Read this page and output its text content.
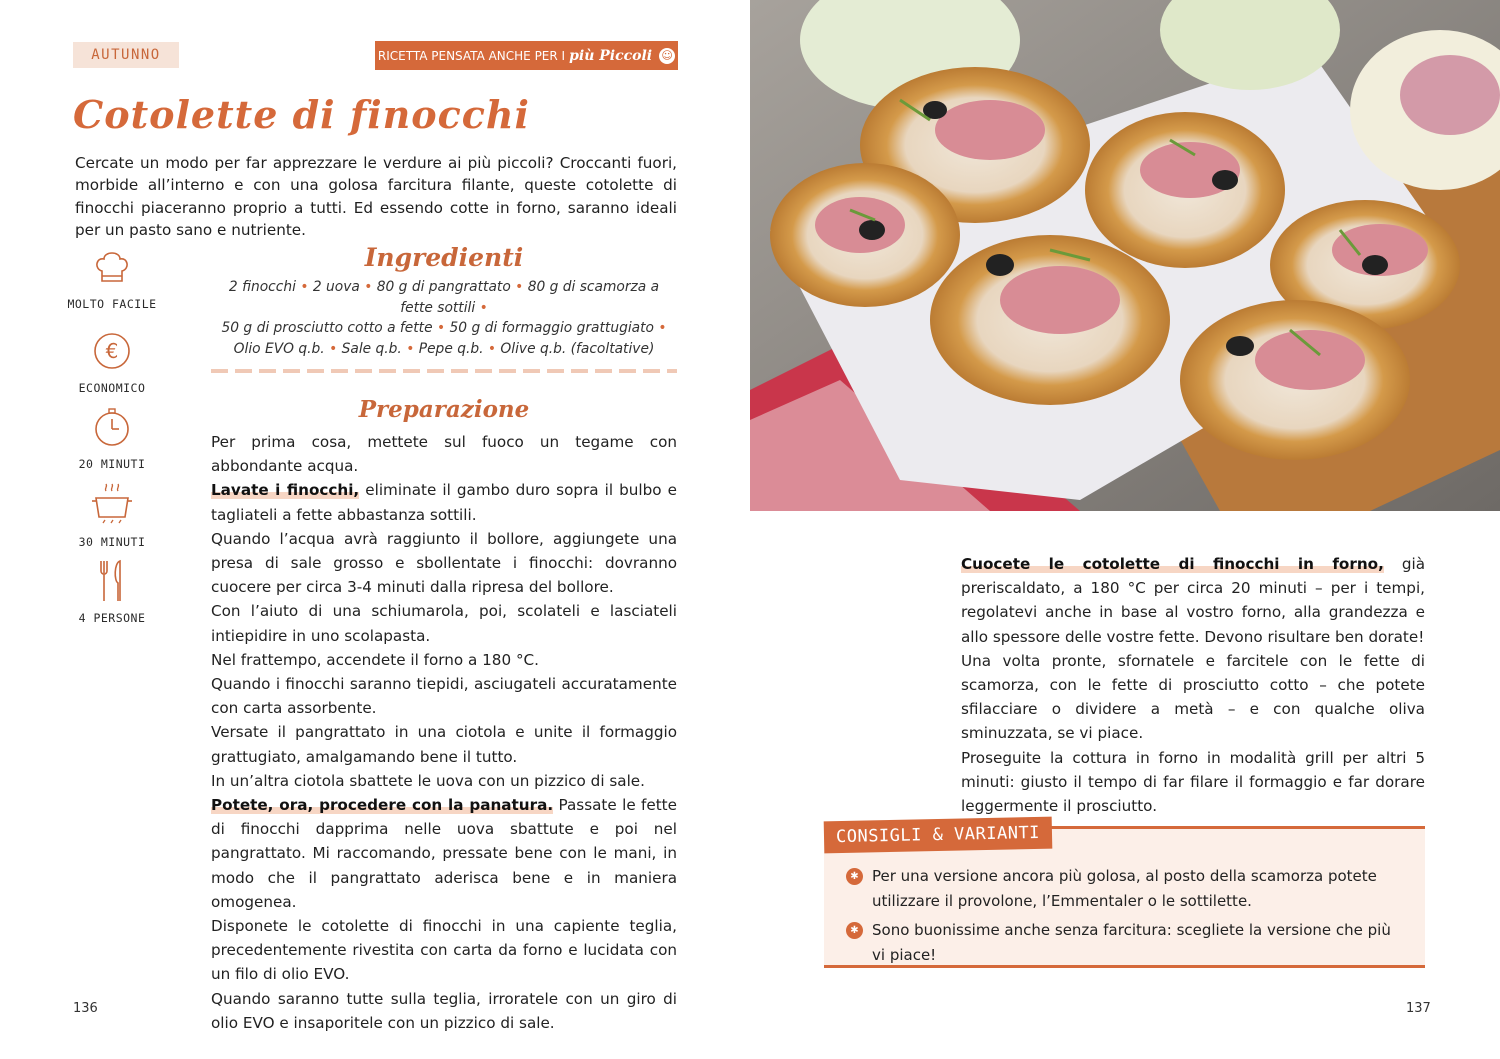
AUTUNNO	RICETTA PENSATA ANCHE PER I più Piccoli ☺
Cotolette di finocchi

Cercate un modo per far apprezzare le verdure ai più piccoli? Croccanti fuori, morbide all’interno e con una golosa farcitura filante, queste cotolette di finocchi piaceranno proprio a tutti. Ed essendo cotte in forno, saranno ideali per un pasto sano e nutriente.

MOLTO FACILE
€
ECONOMICO
20 MINUTI
30 MINUTI
4 PERSONE
Ingredienti
2 finocchi • 2 uova • 80 g di pangrattato • 80 g di scamorza a fette sottili •
50 g di prosciutto cotto a fette • 50 g di formaggio grattugiato •
Olio EVO q.b. • Sale q.b. • Pepe q.b. • Olive q.b. (facoltative)
Preparazione

Per prima cosa, mettete sul fuoco un tegame con abbondante acqua.

Lavate i finocchi, eliminate il gambo duro sopra il bulbo e tagliateli a fette abbastanza sottili.

Quando l’acqua avrà raggiunto il bollore, aggiungete una presa di sale grosso e sbollentate i finocchi: dovranno cuocere per circa 3-4 minuti dalla ripresa del bollore.

Con l’aiuto di una schiumarola, poi, scolateli e lasciateli intiepidire in uno scolapasta.

Nel frattempo, accendete il forno a 180 °C.

Quando i finocchi saranno tiepidi, asciugateli accuratamente con carta assorbente.

Versate il pangrattato in una ciotola e unite il formaggio grattugiato, amalgamando bene il tutto.

In un’altra ciotola sbattete le uova con un pizzico di sale.

Potete, ora, procedere con la panatura. Passate le fette di finocchi dapprima nelle uova sbattute e poi nel pangrattato. Mi raccomando, pressate bene con le mani, in modo che il pangrattato aderisca bene e in maniera omogenea.

Disponete le cotolette di finocchi in una capiente teglia, precedentemente rivestita con carta da forno e lucidata con un filo di olio EVO.

Quando saranno tutte sulla teglia, irroratele con un giro di olio EVO e insaporitele con un pizzico di sale.

136

Cuocete le cotolette di finocchi in forno, già preriscaldato, a 180 °C per circa 20 minuti – per i tempi, regolatevi anche in base al vostro forno, alla grandezza e allo spessore delle vostre fette. Devono risultare ben dorate!

Una volta pronte, sfornatele e farcitele con le fette di scamorza, con le fette di prosciutto cotto – che potete sfilacciare o dividere a metà – e con qualche oliva sminuzzata, se vi piace.

Proseguite la cottura in forno in modalità grill per altri 5 minuti: giusto il tempo di far filare il formaggio e far dorare leggermente il prosciutto.

CONSIGLI & VARIANTI
✱ Per una versione ancora più golosa, al posto della scamorza potete utilizzare il provolone, l’Emmentaler o le sottilette.
✱ Sono buonissime anche senza farcitura: scegliete la versione che più vi piace!
137
